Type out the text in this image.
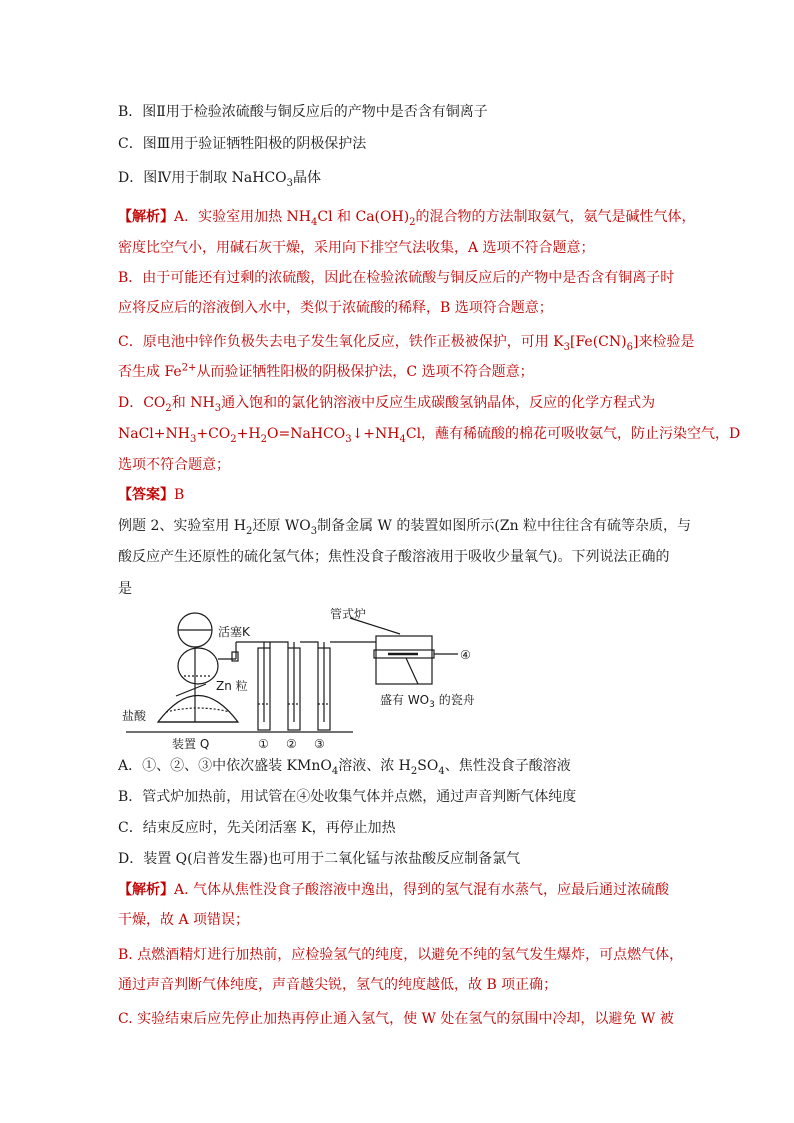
B．图Ⅱ用于检验浓硫酸与铜反应后的产物中是否含有铜离子
C．图Ⅲ用于验证牺牲阳极的阴极保护法
D．图Ⅳ用于制取 NaHCO$_3$晶体
【解析】A．实验室用加热 $NH_4Cl$ 和 $Ca(OH)_2$的混合物的方法制取氨气，氨气是碱性气体，
密度比空气小，用碱石灰干燥，采用向下排空气法收集，A 选项不符合题意；
B．由于可能还有过剩的浓硫酸，因此在检验浓硫酸与铜反应后的产物中是否含有铜离子时
应将反应后的溶液倒入水中，类似于浓硫酸的稀释，B 选项符合题意；
C．原电池中锌作负极失去电子发生氧化反应，铁作正极被保护，可用 $K_3[Fe(CN)_6]$来检验是
否生成 $Fe^{2+}$从而验证牺牲阳极的阴极保护法，C 选项不符合题意；
D．$CO_2$和 $NH_3$通入饱和的氯化钠溶液中反应生成碳酸氢钠晶体，反应的化学方程式为
$NaCl+NH_3+CO_2+H_2O=NaHCO_3↓+NH_4Cl$，蘸有稀硫酸的棉花可吸收氨气，防止污染空气，D
选项不符合题意；
【答案】B
例题 2、实验室用 $H_2$还原 $WO_3$制备金属 W 的装置如图所示(Zn 粒中往往含有硫等杂质，与
酸反应产生还原性的硫化氢气体；焦性没食子酸溶液用于吸收少量氧气)。下列说法正确的
是
管式炉
活塞K
Zn 粒
盐酸
盛有 $WO_3$ 的瓷舟
装置 Q	① ② ③
④
A．①、②、③中依次盛装 KMnO$_4$溶液、浓 $H_2SO_4$、焦性没食子酸溶液
B．管式炉加热前，用试管在④处收集气体并点燃，通过声音判断气体纯度
C．结束反应时，先关闭活塞 K，再停止加热
D．装置 Q(启普发生器)也可用于二氧化锰与浓盐酸反应制备氯气
【解析】A. 气体从焦性没食子酸溶液中逸出，得到的氢气混有水蒸气，应最后通过浓硫酸
干燥，故 A 项错误；
B. 点燃酒精灯进行加热前，应检验氢气的纯度，以避免不纯的氢气发生爆炸，可点燃气体，
通过声音判断气体纯度，声音越尖锐，氢气的纯度越低，故 B 项正确；
C. 实验结束后应先停止加热再停止通入氢气，使 W 处在氢气的氛围中冷却，以避免 W 被
